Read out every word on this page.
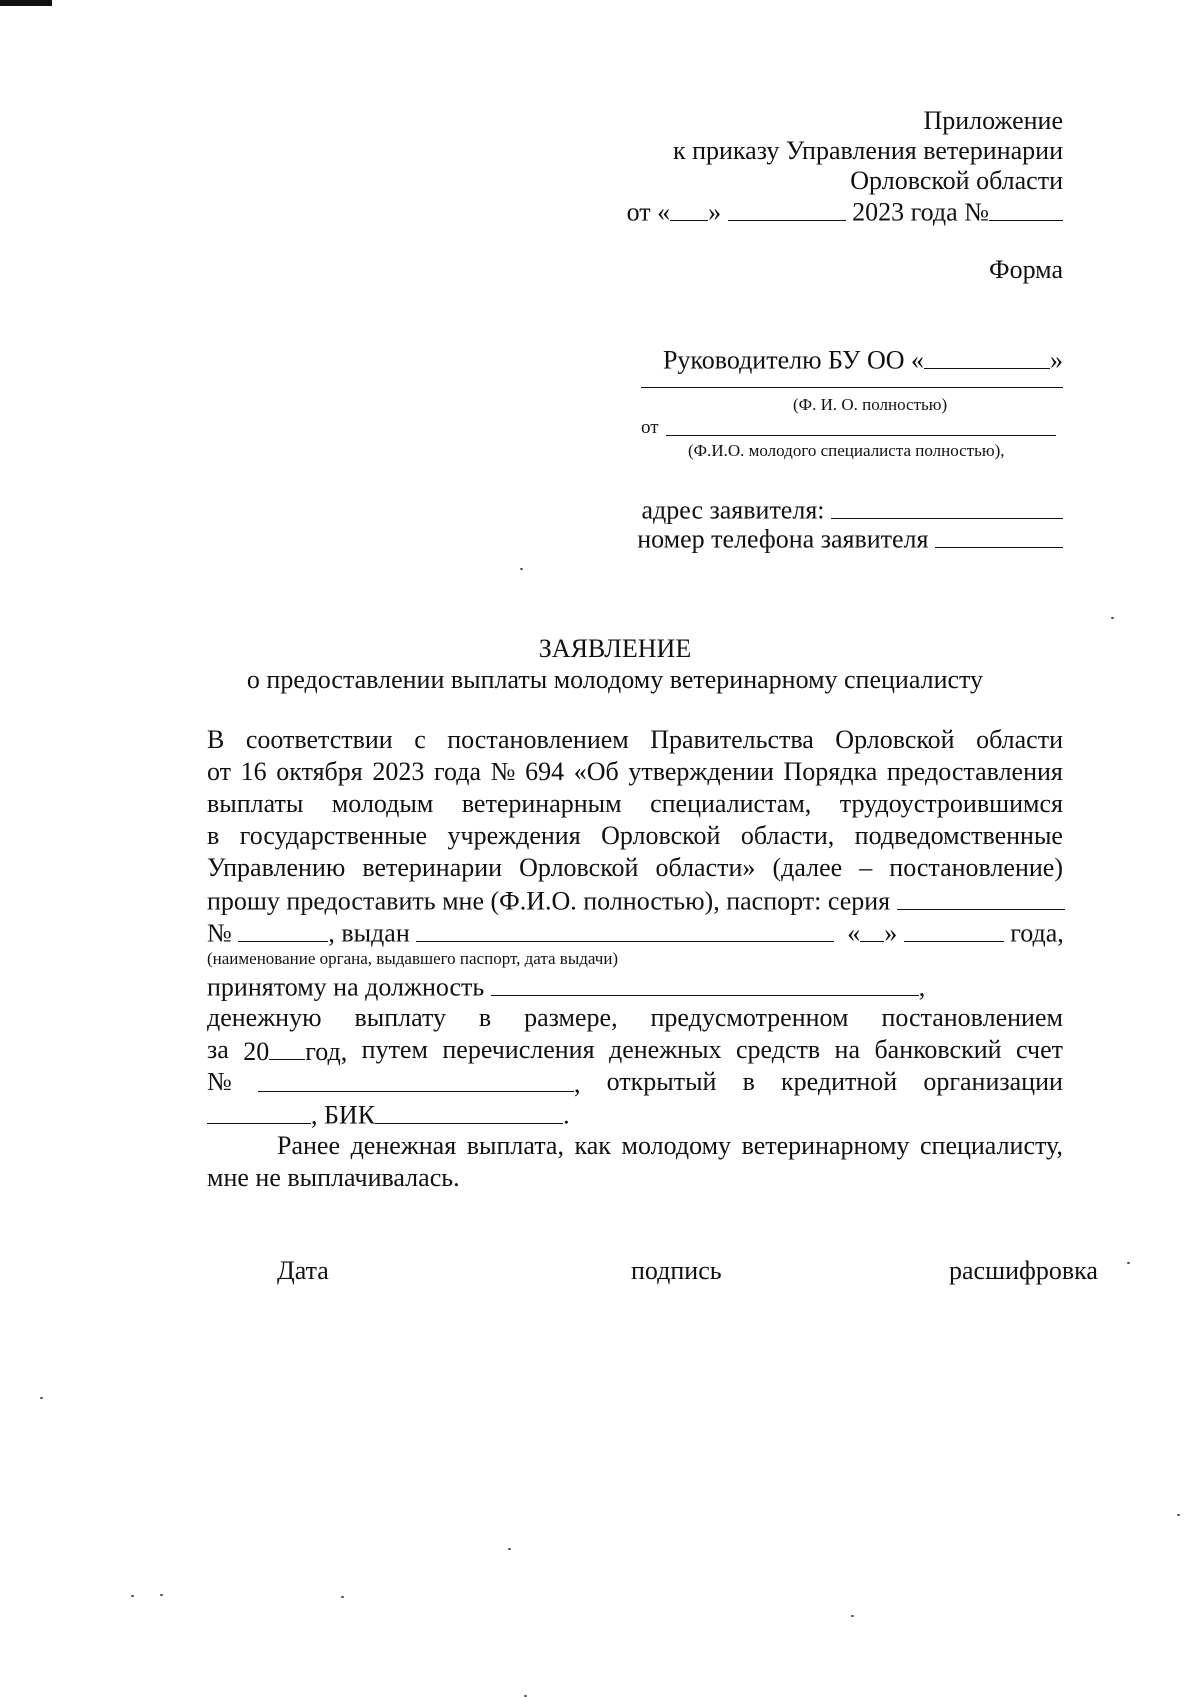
Приложение
к приказу Управления ветеринарии
Орловской области
от « »	2023 года №
Форма
Руководителю БУ ОО «	»
(Ф. И. О. полностью)
от
(Ф.И.О. молодого специалиста полностью),
адрес заявителя:
номер телефона заявителя
ЗАЯВЛЕНИЕ
о предоставлении выплаты молодому ветеринарному специалисту
В соответствии с постановлением Правительства Орловской области
от 16 октября 2023 года № 694 «Об утверждении Порядка предоставления
выплаты молодым ветеринарным специалистам, трудоустроившимся
в государственные учреждения Орловской области, подведомственные
Управлению ветеринарии Орловской области» (далее – постановление)
прошу предоставить мне (Ф.И.О. полностью), паспорт: серия
№	, выдан	« »	года,
(наименование органа, выдавшего паспорт, дата выдачи)
принятому на должность	,
денежную выплату в размере, предусмотренном постановлением
за 20 год, путем перечисления денежных средств на банковский счет
№	, открытый в кредитной организации
, БИК	.
Ранее денежная выплата, как молодому ветеринарному специалисту,
мне не выплачивалась.
Дата	подпись	расшифровка
